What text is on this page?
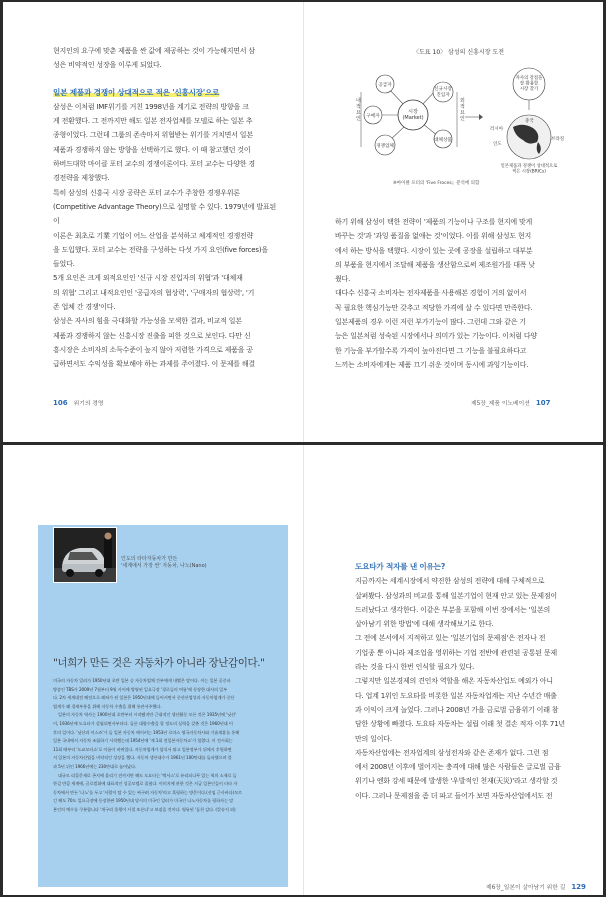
현지인의 요구에 맞춘 제품을 싼 값에 제공하는 것이 가능해지면서 삼
성은 비약적인 성장을 이루게 되었다.

일본 제품과 경쟁이 상대적으로 적은 '신흥시장'으로

삼성은 이처럼 IMF위기를 거친 1998년을 계기로 전략의 방향을 크
게 전환했다. 그 전까지만 해도 일본 전자업체를 모델로 하는 일본 추
종형이었다. 그런데 그룹의 존속마저 위협받는 위기를 거치면서 일본
제품과 경쟁하지 않는 방향을 선택하기로 했다. 이 때 참고했던 것이
하버드대학 마이클 포터 교수의 경쟁이론이다. 포터 교수는 다양한 경
경전략을 제창했다.

특히 삼성의 신흥국 시장 공략은 포터 교수가 주창한 경쟁우위론
(Competitive Advantage Theory)으로 설명할 수 있다. 1979년에 발표된 이
이론은 최초로 기業 기업이 어느 산업을 분석하고 체계적인 경쟁전략
을 도입했다. 포터 교수는 전략을 구성하는 다섯 가지 요인(five forces)을
들었다.

5개 요인은 크게 외적요인인 '신규 시장 진입자의 위협'과 '대체재
의 위협' 그리고 내적요인인 '공급자의 협상력', '구매자의 협상력', '기
존 업체 간 경쟁'이다.

삼성은 자사의 힘을 극대화할 가능성을 모색한 결과, 비교적 일본
제품과 경쟁하지 않는 신흥시장 진출을 피한 것으로 보인다. 다만 신
흥시장은 소비자의 소득수준이 높지 않아 저렴한 가격으로 제품을 공
급하면서도 수익성을 확보해야 하는 과제를 주어졌다. 이 문제를 해결

106 위기의 경영
〈도표 10〉 삼성의 신흥시장 도전
내 적 요 인
외 적 요 인
시장 (Market)
공급자
구매자
경쟁업체
대체상품
신규시장 진입자
자사의 강점을 잘 활용할 시장 찾기
중국
러시아
인도
브라질
일본제품과 경쟁이 상대적으로 적은 시장(BRICs)
※마이클 포터의 'Five Froces』분석에 의함

하기 위해 삼성이 택한 전략이 '제품의 기능이나 구조를 현지에 맞게
바꾸는 것'과 '과잉 품질을 없애는 것'이었다. 이를 위해 삼성도 현지
에서 하는 방식을 택했다. 시장이 있는 곳에 공장을 설립하고 대부분
의 부품을 현지에서 조달해 제품을 생산함으로써 제조원가를 대폭 낮
췄다.

대다수 신흥국 소비자는 전자제품을 사용해본 경험이 거의 없어서
꼭 필요한 핵심기능만 갖추고 적당한 가격에 살 수 있다면 만족한다.

일본제품의 경우 이런 저런 부가기능이 많다. 그런데 그와 같은 기
능은 일본처럼 성숙된 시장에서나 의미가 있는 기능이다. 이처럼 다양
한 기능을 부가할수록 가격이 높아진다면 그 기능을 불필요하다고
느끼는 소비자에게는 제품 끄기 쉬운 것이며 동시에 과잉기능이다.

제5장_제품 이노베이션 107
인도의 타타자동차가 만든
'세계에서 가장 싼' 자동차, 나노(Nano)
"너희가 만든 것은 자동차가 아니라 장난감이다."
미국의 자동차 일러가 1950년대 초반 일본 승 자동차업체 간부에게 내뱉은 말이다. 이는 일본 공중파
방송인 TBS가 2009년 7월부터 9월 사이에 방영된 일요극장 '경로들의 여름'에 등장한 대사의 일부
다. 2차 세계대전 패전으로 폐허가 된 일본은 1950년대에 들어서면서 중산산업성과 자동차업계가 중산
업계가 왜 경제부흥을 위해 자동차 수출을 위해 통관서주했다.
일본의 자동차 역사는 1900년대 초반부터 시작됐지만 근대적인 생산활동 모든 것은 1935년에 '닛산'
이, 1936년에 도요타가 설립되면서부터다. 둘른 대량수출을 할 정도의 실력을 갖춘 것은 1960년대 이
후의 일이다. '닛산과 이스즈'가 둘 일본 자동차 메이커는 1953년 로마스 영국자동차사와 기술제휴를 통해
일본 국내에서 자동차 조립하기 시작했는데 1954년에 '제 1회 전일본자동차쇼'가 열렸다. 이 전시회는
11회 때부터 '도쿄모터쇼'로 이름이 바뀌었다. 자동차업계가 압식서 뛰고 일본정부가 뒤에서 후원하면
서 일본의 자동차산업을 비약적인 성장을 했다. 자동차 생산대수가 1961년 100만대를 돌파했으며 불
과 5년 뒤인 1966년에는 230만대로 늘어났다.
대규모 리콜문제로 곤지에 몰리기 전까지만 해도 도요타는 '렉서스'로 유리되나무 있는 혁의 소재로 들
한걸 만큼 세계에, 글로벌화에 대표적인 성공모델로 꼽혔다. 이미지에 관한 것은 지금 일본인들이 타타 자
동차에서 만든 '나노'를 두고 '사람이 탈 수 있는 싸구려 자동차'라고 혹평하는 방문이다.(선임 근사바다)모르
긴 해도 70도 일요극장에 등장한판 1950년대 당시의 미국인 일러가 미국인 나노자동차를 평하자는 말
본인의 예수를 쿠분합니다 '개구리 올챙이 시절 또른다'고 보짐을 것이다. 영뮤된 '돌천 감다. (칼슈저 외)

도요타가 적자를 낸 이유는?

지금까지는 세계시장에서 약진한 삼성의 전략에 대해 구체적으로
살펴봤다. 삼성과의 비교를 통해 일본기업이 현재 안고 있는 문제점이
드러났다고 생각한다. 이같은 부분을 포함해 이번 장에서는 '일본의
살아남기 위한 방법'에 대해 생각해보기로 한다.

그 전에 본서에서 지적하고 있는 '일본기업의 문제점'은 전자나 전
기업종 뿐 아니라 제조업을 영위하는 기업 전반에 관련된 공통된 문제
라는 것을 다시 한번 인식할 필요가 있다.

그렇지만 일본경제의 견인차 역할을 해온 자동차산업도 예외가 아니
다. 업계 1위인 도요타를 비롯한 일본 자동차업계는 지난 수년간 매출
과 이익이 크게 늘었다. 그러나 2008년 가을 금로벌 금융위기 이래 참
담한 상황에 빠졌다. 도요타 자동차는 설립 이래 첫 결손 적자 이후 71년
만의 일이다.

자동차산업에는 전자업계의 삼성전자와 같은 존재가 없다. 그런 점
에서 2008년 이후에 벌어지는 충격에 대해 많은 사람들은 글로벌 금융
위기나 엔화 강세 때문에 발생한 '우발적인 천재(天災)'라고 생각할 것
이다. 그러나 문제점을 좀 더 파고 들어가 보면 자동차산업에서도 전

제6장_일본이 살아남기 위한 길 129
